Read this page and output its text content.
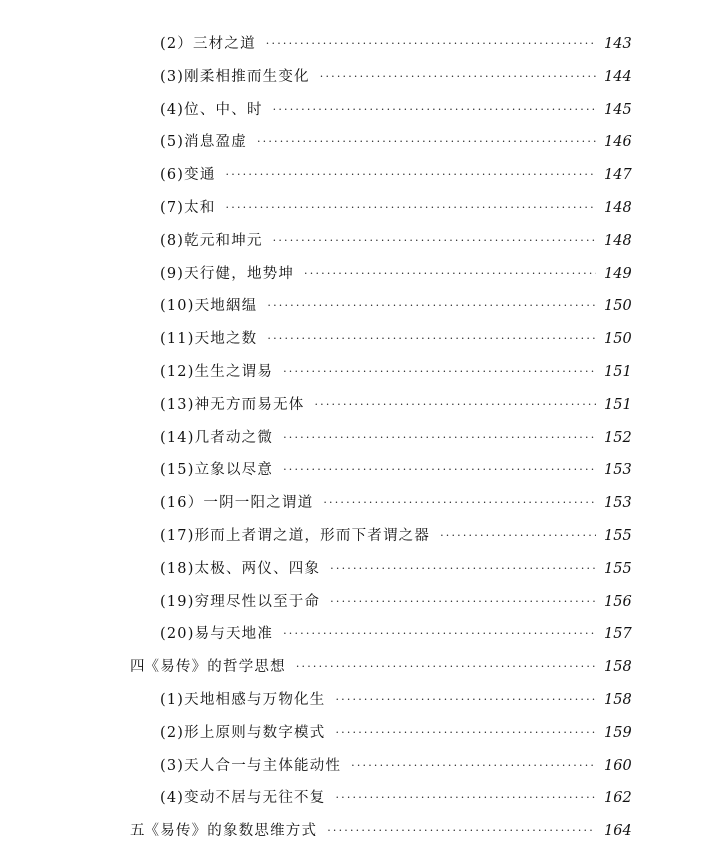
(2）三材之道 ·····	143
(3)刚柔相推而生变化 ·····	144
(4)位、中、时 ·····	145
(5)消息盈虚 ·····	146
(6)变通 ·····	147
(7)太和 ·····	148
(8)乾元和坤元 ·····	148
(9)天行健，地势坤 ·····	149
(10)天地絪缊 ·····	150
(11)天地之数 ·····	150
(12)生生之谓易 ·····	151
(13)神无方而易无体 ·····	151
(14)几者动之微 ·····	152
(15)立象以尽意 ·····	153
(16）一阴一阳之谓道 ·····	153
(17)形而上者谓之道，形而下者谓之器 ·····	155
(18)太极、两仪、四象 ·····	155
(19)穷理尽性以至于命 ·····	156
(20)易与天地准 ·····	157
四 《易传》的哲学思想 ·····	158
(1)天地相感与万物化生 ·····	158
(2)形上原则与数字模式 ·····	159
(3)天人合一与主体能动性 ·····	160
(4)变动不居与无往不复 ·····	162
五 《易传》的象数思维方式 ·····	164
